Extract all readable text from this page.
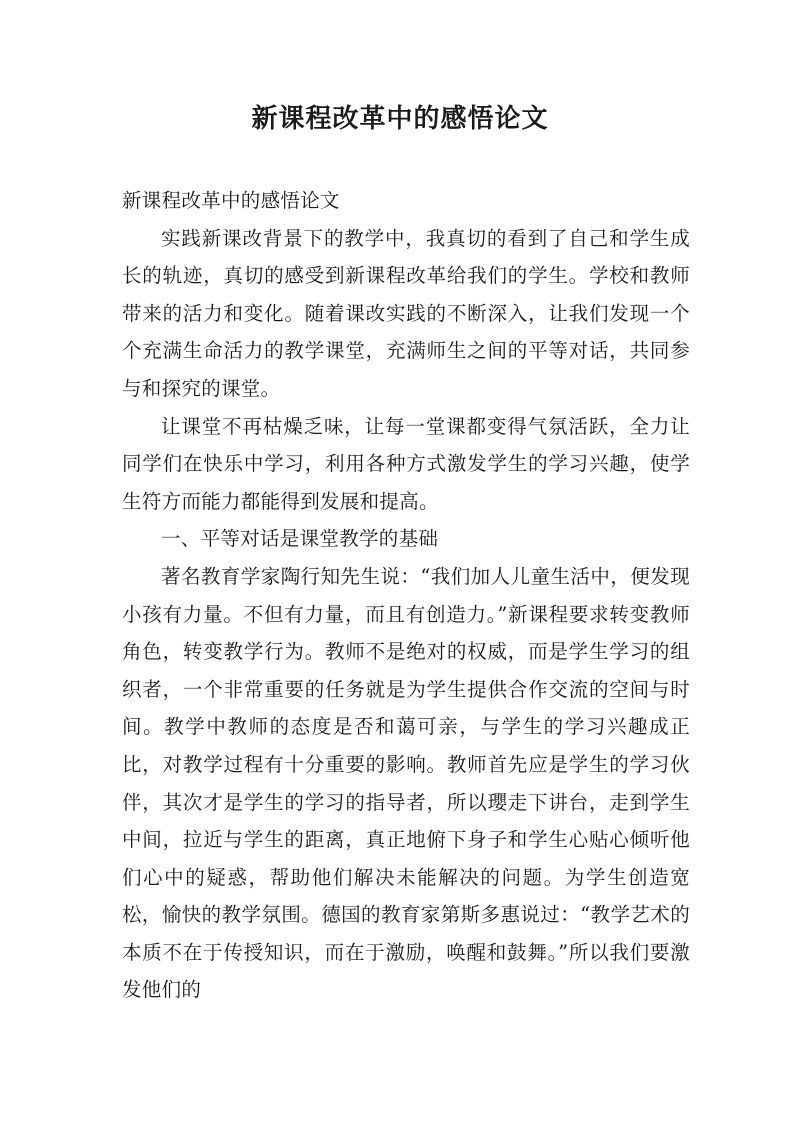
新课程改革中的感悟论文

新课程改革中的感悟论文

实践新课改背景下的教学中，我真切的看到了自己和学生成长的轨迹，真切的感受到新课程改革给我们的学生。学校和教师带来的活力和变化。随着课改实践的不断深入，让我们发现一个个充满生命活力的教学课堂，充满师生之间的平等对话，共同参与和探究的课堂。

让课堂不再枯燥乏味，让每一堂课都变得气氛活跃，全力让同学们在快乐中学习，利用各种方式激发学生的学习兴趣，使学生符方而能力都能得到发展和提高。

一、平等对话是课堂教学的基础

著名教育学家陶行知先生说：“我们加人儿童生活中，便发现小孩有力量。不但有力量，而且有创造力。”新课程要求转变教师角色，转变教学行为。教师不是绝对的权威，而是学生学习的组织者，一个非常重要的任务就是为学生提供合作交流的空间与时间。教学中教师的态度是否和蔼可亲，与学生的学习兴趣成正比，对教学过程有十分重要的影响。教师首先应是学生的学习伙伴，其次才是学生的学习的指导者，所以瓔走下讲台，走到学生中间，拉近与学生的距离，真正地俯下身子和学生心贴心倾听他们心中的疑惑，帮助他们解决未能解决的问题。为学生创造宽松，愉快的教学氛围。德国的教育家第斯多惠说过：“教学艺术的本质不在于传授知识，而在于激励，唤醒和鼓舞。”所以我们要激发他们的
